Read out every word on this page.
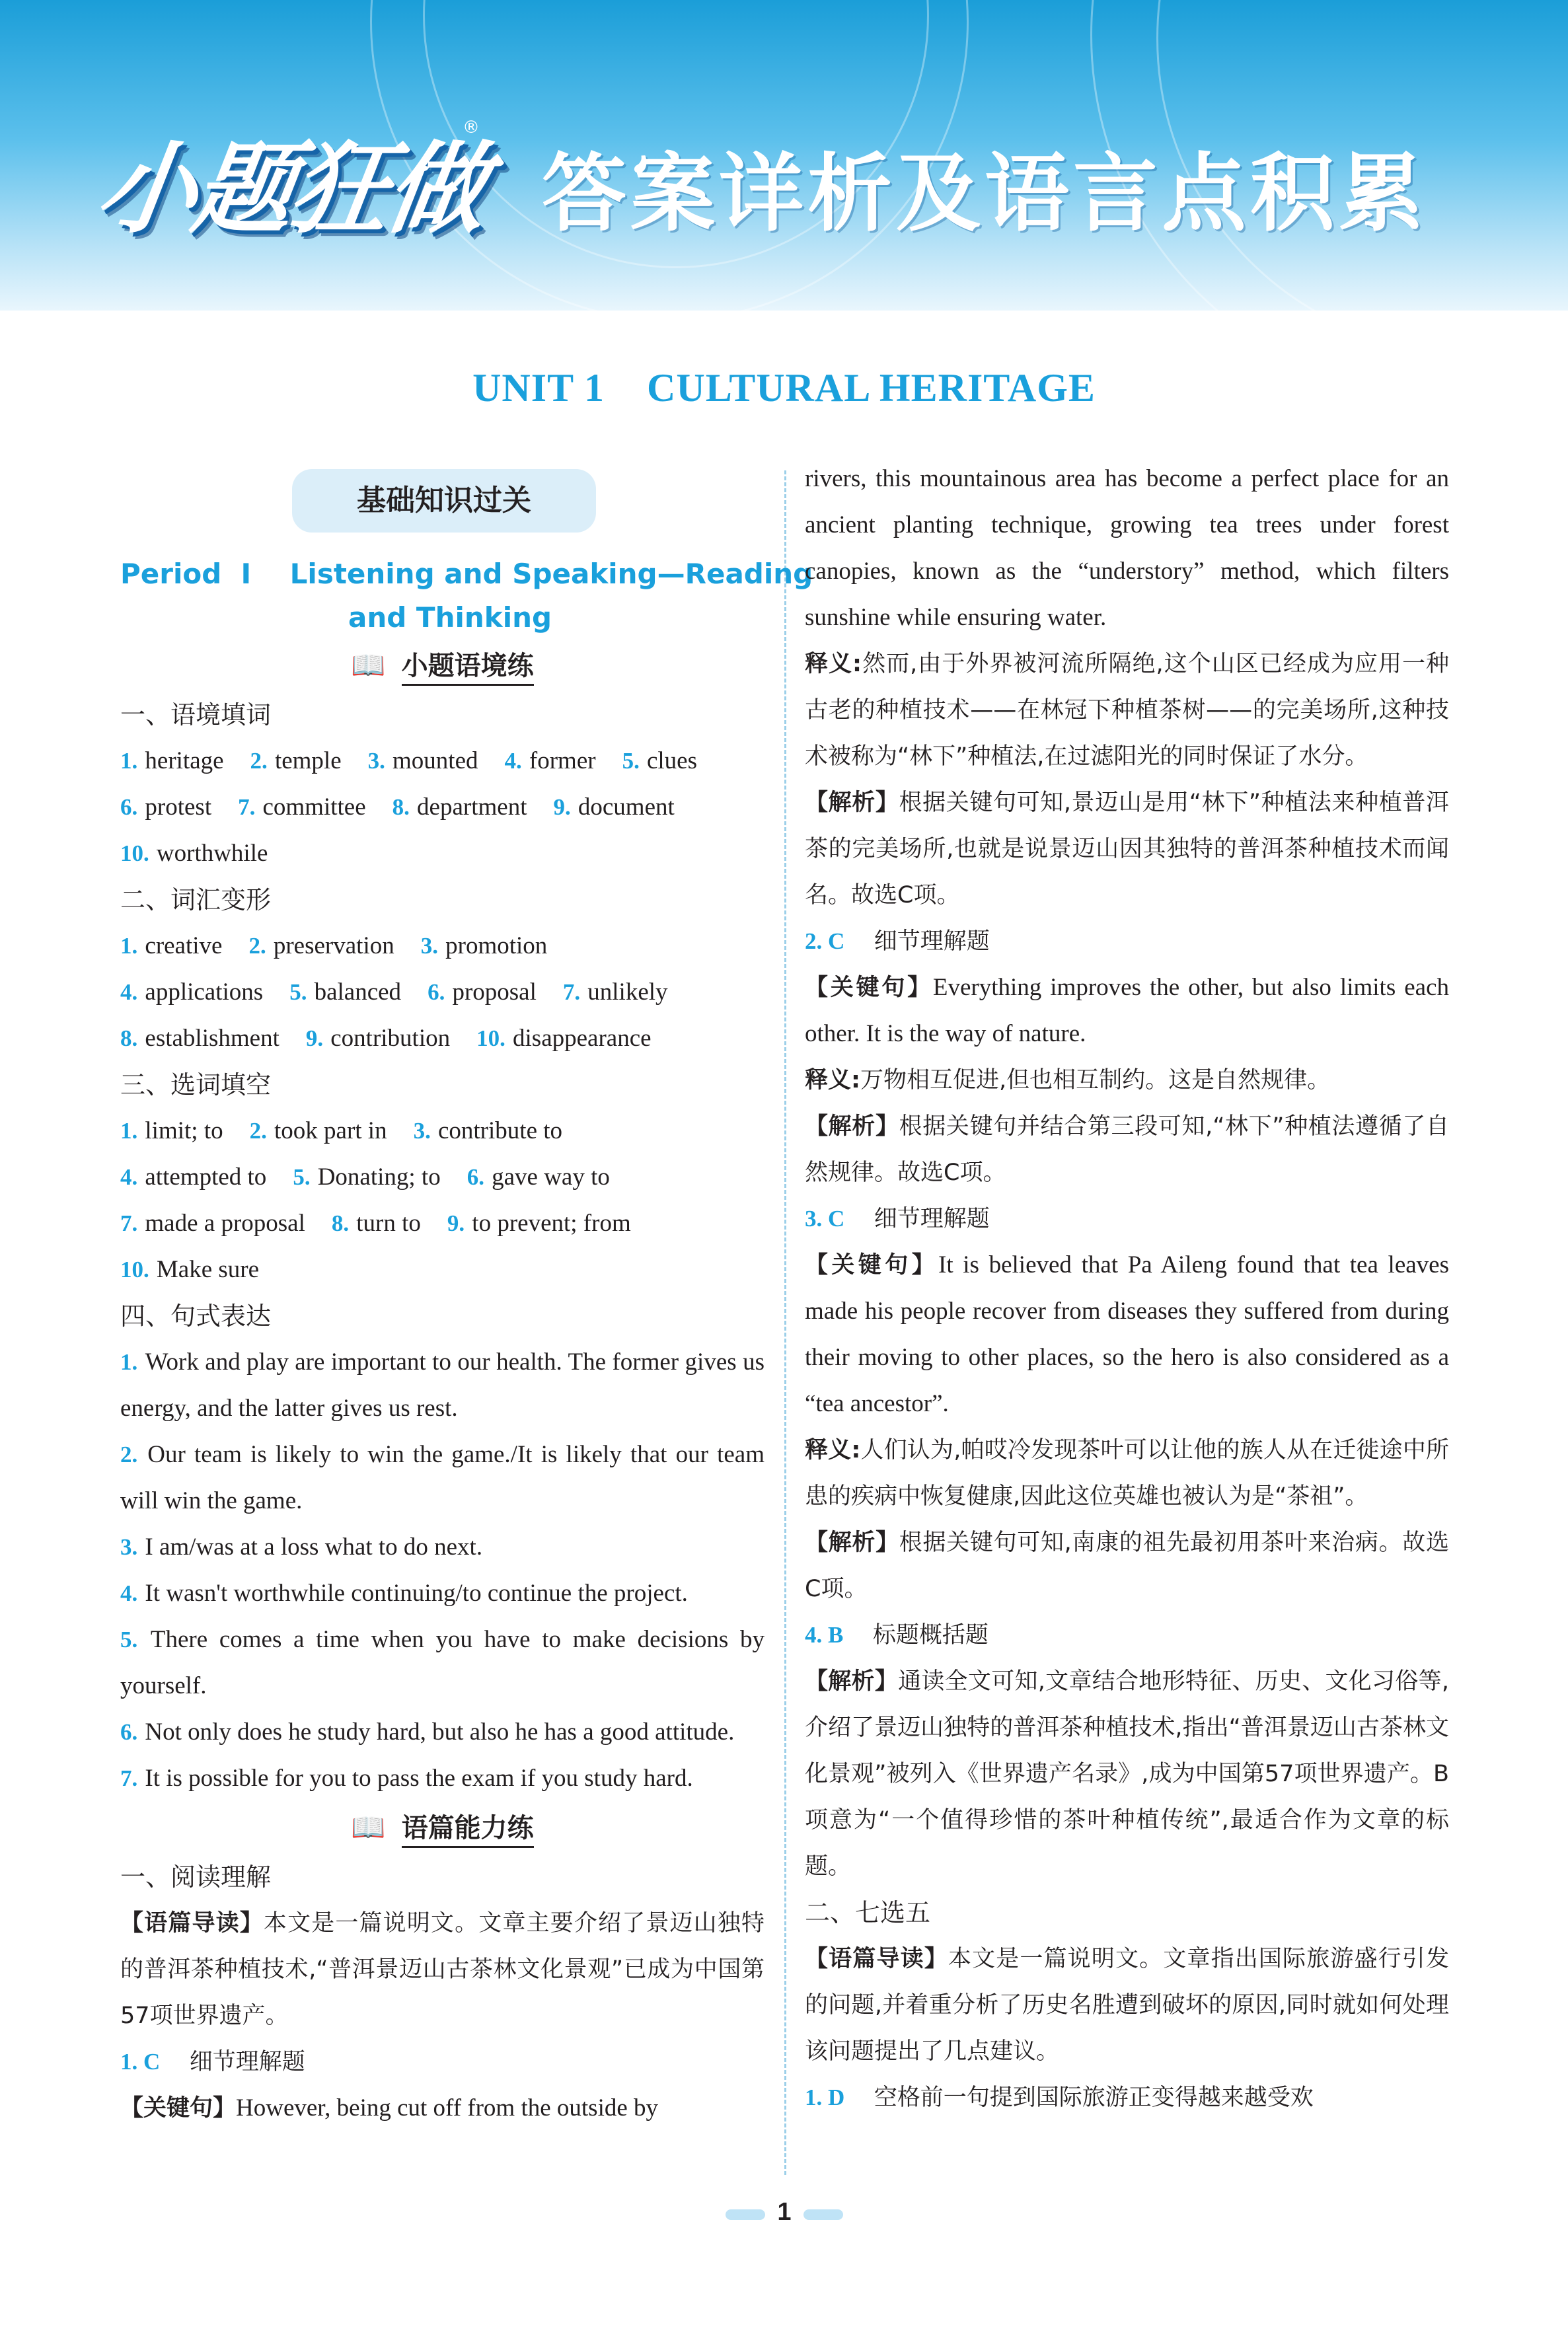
小题狂做
®
答案详析及语言点积累
UNIT 1    CULTURAL HERITAGE
基础知识过关
Period  Ⅰ    Listening and Speaking—Reading
and Thinking
📖 小题语境练
一、语境填词
1. heritage 2. temple 3. mounted 4. former 5. clues
6. protest 7. committee 8. department 9. document
10. worthwhile
二、词汇变形
1. creative 2. preservation 3. promotion
4. applications 5. balanced 6. proposal 7. unlikely
8. establishment 9. contribution 10. disappearance
三、选词填空
1. limit; to 2. took part in 3. contribute to
4. attempted to 5. Donating; to 6. gave way to
7. made a proposal 8. turn to 9. to prevent; from
10. Make sure
四、句式表达
1. Work and play are important to our health. The former gives us energy, and the latter gives us rest.
2. Our team is likely to win the game./It is likely that our team will win the game.
3. I am/was at a loss what to do next.
4. It wasn't worthwhile continuing/to continue the project.
5. There comes a time when you have to make decisions by yourself.
6. Not only does he study hard, but also he has a good attitude.
7. It is possible for you to pass the exam if you study hard.
📖 语篇能力练
一、阅读理解
【语篇导读】本文是一篇说明文。文章主要介绍了景迈山独特的普洱茶种植技术,“普洱景迈山古茶林文化景观”已成为中国第57项世界遗产。
1. C 细节理解题
【关键句】However, being cut off from the outside by
rivers, this mountainous area has become a perfect place for an ancient planting technique, growing tea trees under forest canopies, known as the “understory” method, which filters sunshine while ensuring water.
释义:然而,由于外界被河流所隔绝,这个山区已经成为应用一种古老的种植技术——在林冠下种植茶树——的完美场所,这种技术被称为“林下”种植法,在过滤阳光的同时保证了水分。
【解析】根据关键句可知,景迈山是用“林下”种植法来种植普洱茶的完美场所,也就是说景迈山因其独特的普洱茶种植技术而闻名。故选C项。
2. C 细节理解题
【关键句】Everything improves the other, but also limits each other. It is the way of nature.
释义:万物相互促进,但也相互制约。这是自然规律。
【解析】根据关键句并结合第三段可知,“林下”种植法遵循了自然规律。故选C项。
3. C 细节理解题
【关键句】It is believed that Pa Aileng found that tea leaves made his people recover from diseases they suffered from during their moving to other places, so the hero is also considered as a “tea ancestor”.
释义:人们认为,帕哎冷发现茶叶可以让他的族人从在迁徙途中所患的疾病中恢复健康,因此这位英雄也被认为是“茶祖”。
【解析】根据关键句可知,南康的祖先最初用茶叶来治病。故选C项。
4. B 标题概括题
【解析】通读全文可知,文章结合地形特征、历史、文化习俗等,介绍了景迈山独特的普洱茶种植技术,指出“普洱景迈山古茶林文化景观”被列入《世界遗产名录》,成为中国第57项世界遗产。B项意为“一个值得珍惜的茶叶种植传统”,最适合作为文章的标题。
二、七选五
【语篇导读】本文是一篇说明文。文章指出国际旅游盛行引发的问题,并着重分析了历史名胜遭到破坏的原因,同时就如何处理该问题提出了几点建议。
1. D 空格前一句提到国际旅游正变得越来越受欢
1
